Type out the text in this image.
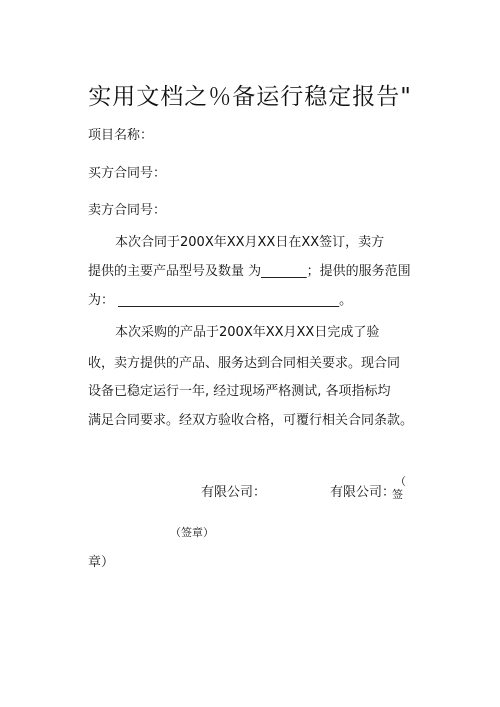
实用文档之％备运行稳定报告"
项目名称：
买方合同号：
卖方合同号：
本次合同于200X年XX月XX日在XX签订，卖方
提供的主要产品型号及数量 为_______；提供的服务范围
为： __________________________________。
本次采购的产品于200X年XX月XX日完成了验
收，卖方提供的产品、服务达到合同相关要求。现合同
设备已稳定运行一年, 经过现场严格测试, 各项指标均
满足合同要求。经双方验收合格，可覆行相关合同条款。
有限公司：	有限公司：
（
签
（签章）
章）
